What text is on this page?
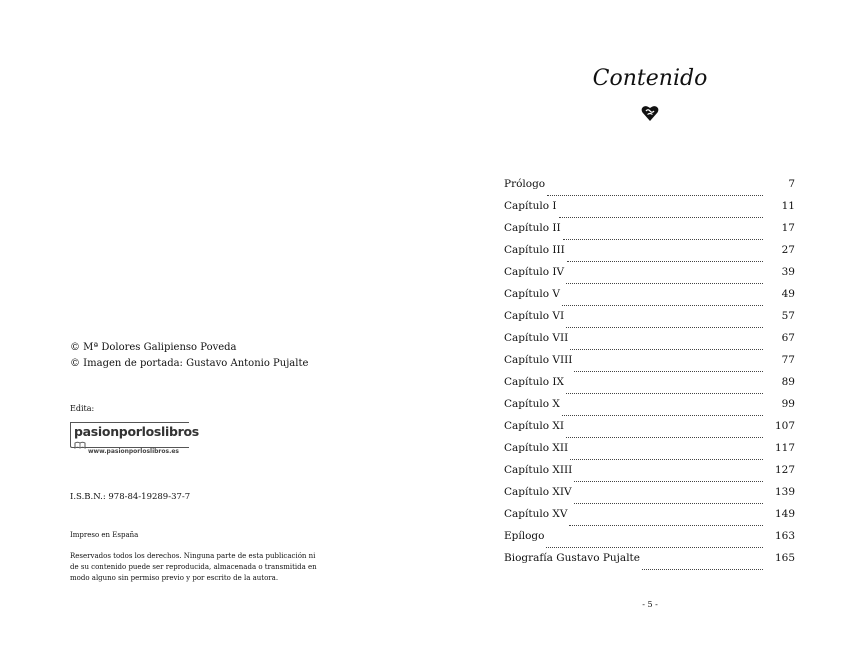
© Mª Dolores Galipienso Poveda
© Imagen de portada: Gustavo Antonio Pujalte
Edita:
pasionporloslibros
www.pasionporloslibros.es
I.S.B.N.: 978-84-19289-37-7
Impreso en España
Reservados todos los derechos. Ninguna parte de esta publicación ni
de su contenido puede ser reproducida, almacenada o transmitida en
modo alguno sin permiso previo y por escrito de la autora.
Contenido
Prólogo	7
Capítulo I	11
Capítulo II	17
Capítulo III	27
Capítulo IV	39
Capítulo V	49
Capítulo VI	57
Capítulo VII	67
Capítulo VIII	77
Capítulo IX	89
Capítulo X	99
Capítulo XI	107
Capítulo XII	117
Capítulo XIII	127
Capítulo XIV	139
Capítulo XV	149
Epílogo	163
Biografía Gustavo Pujalte	165
- 5 -
